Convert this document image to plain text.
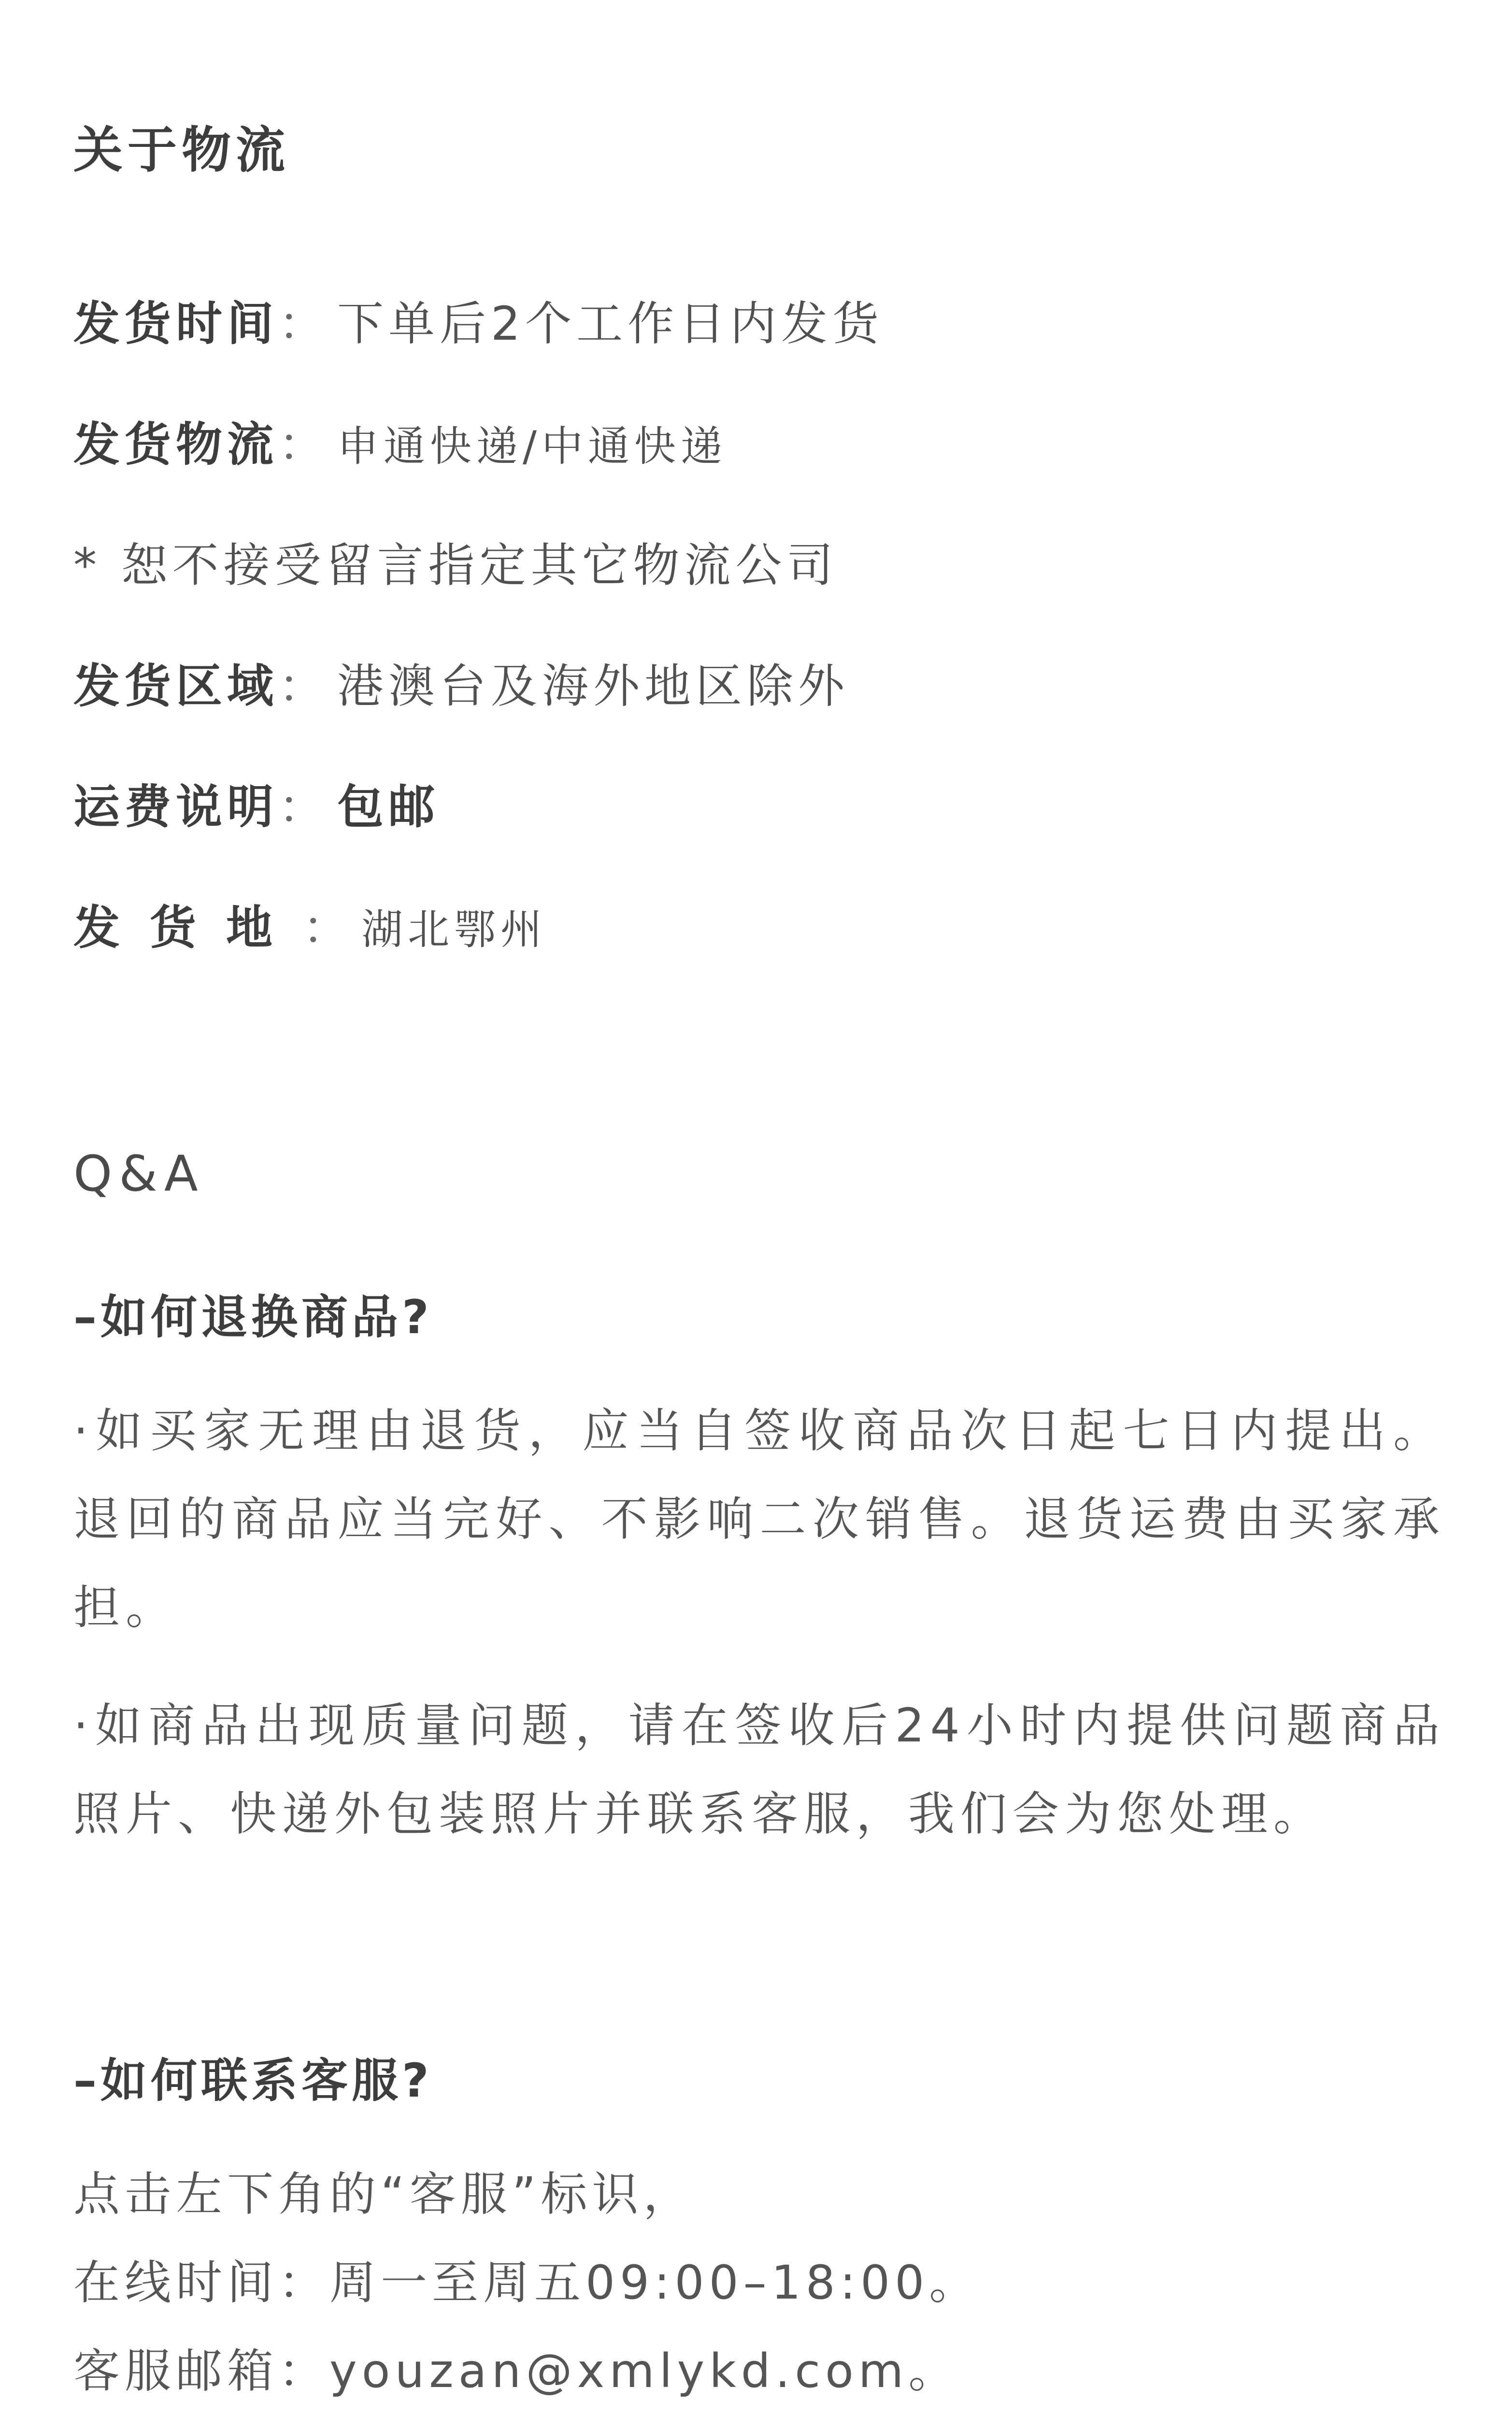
关于物流
发货时间： 下单后2个工作日内发货
发货物流： 申通快递/中通快递
* 恕不接受留言指定其它物流公司
发货区域： 港澳台及海外地区除外
运费说明： 包邮
发货地： 湖北鄂州
Q&A
–如何退换商品?
·如买家无理由退货，应当自签收商品次日起七日内提出。退回的商品应当完好、不影响二次销售。退货运费由买家承担。
·如商品出现质量问题，请在签收后24小时内提供问题商品照片、快递外包装照片并联系客服，我们会为您处理。
–如何联系客服?
点击左下角的“客服”标识，
在线时间：周一至周五09:00–18:00。
客服邮箱：youzan@xmlykd.com。
